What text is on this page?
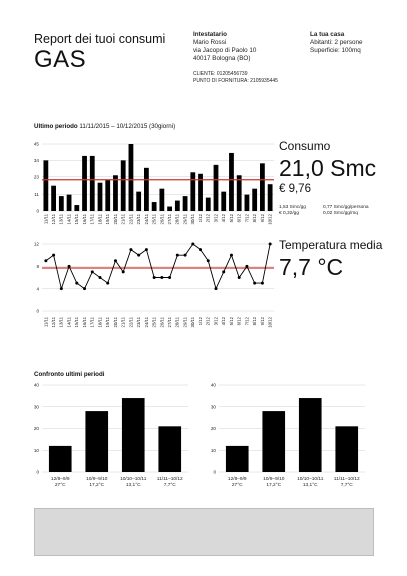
Report dei tuoi consumi
GAS
Intestatario
Mario Rossi
via Jacopo di Paolo 10
40017 Bologna (BO)
CLIENTE: 01205456739
PUNTO DI FORNITURA: 2105935445
La tua casa
Abitanti: 2 persone
Superficie: 100mq
Ultimo periodo 11/11/2015 – 10/12/2015 (30giorni)
0
11
23
34
45
11/11 12/11 13/11 14/11 15/11 16/11 17/11 18/11 19/11 20/11 21/11 22/11 23/11 24/11 25/11 26/11 27/11 28/11 29/11 30/11 1/12 2/12 3/12 4/12 5/12 6/12 7/12 8/12 9/12 10/12
Consumo
21,0 Smc
€ 9,76
1,53 Smc/gg
€ 0,32/gg
0,77 Smc/gg/persona
0,02 Smc/gg/mq
0
4
8
12
11/11 12/11 13/11 14/11 15/11 16/11 17/11 18/11 19/11 20/11 21/11 22/11 23/11 24/11 25/11 26/11 27/11 28/11 29/11 30/11 1/12 2/12 3/12 4/12 5/12 6/12 7/12 8/12 9/12 10/12
Temperatura media
7,7 °C
Confronto ultimi periodi
0
10
20
30
40
12/8–9/9
27°C
10/9–9/10
17,2°C
10/10–10/11
13,1°C
11/11–10/12
7,7°C
0
10
20
30
40
12/8–9/9
27°C
10/9–9/10
17,2°C
10/10–10/11
13,1°C
11/11–10/12
7,7°C
